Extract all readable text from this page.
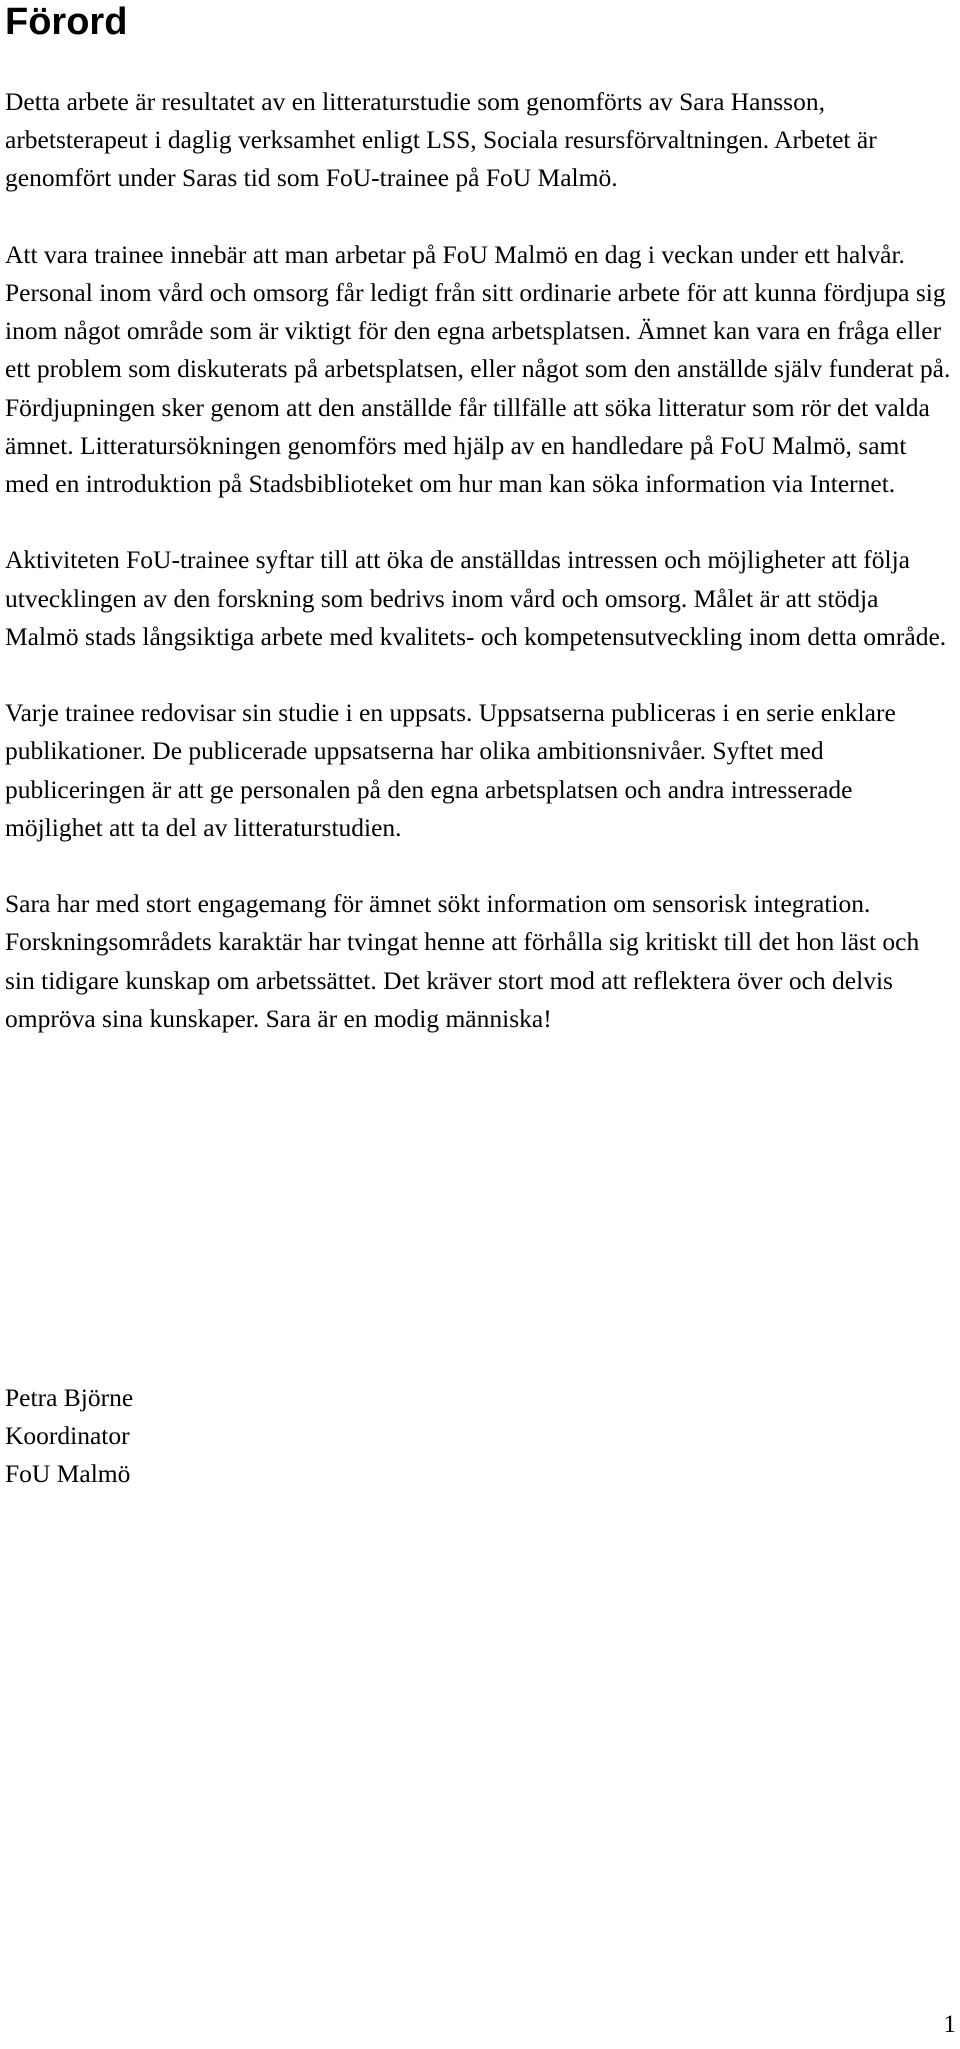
Förord

Detta arbete är resultatet av en litteraturstudie som genomförts av Sara Hansson, arbetsterapeut i daglig verksamhet enligt LSS, Sociala resursförvaltningen. Arbetet är genomfört under Saras tid som FoU-trainee på FoU Malmö.

Att vara trainee innebär att man arbetar på FoU Malmö en dag i veckan under ett halvår. Personal inom vård och omsorg får ledigt från sitt ordinarie arbete för att kunna fördjupa sig inom något område som är viktigt för den egna arbetsplatsen. Ämnet kan vara en fråga eller ett problem som diskuterats på arbetsplatsen, eller något som den anställde själv funderat på. Fördjupningen sker genom att den anställde får tillfälle att söka litteratur som rör det valda ämnet. Litteratursökningen genomförs med hjälp av en handledare på FoU Malmö, samt med en introduktion på Stadsbiblioteket om hur man kan söka information via Internet.

Aktiviteten FoU-trainee syftar till att öka de anställdas intressen och möjligheter att följa utvecklingen av den forskning som bedrivs inom vård och omsorg. Målet är att stödja Malmö stads långsiktiga arbete med kvalitets- och kompetensutveckling inom detta område.

Varje trainee redovisar sin studie i en uppsats. Uppsatserna publiceras i en serie enklare publikationer. De publicerade uppsatserna har olika ambitionsnivåer. Syftet med publiceringen är att ge personalen på den egna arbetsplatsen och andra intresserade möjlighet att ta del av litteraturstudien.

Sara har med stort engagemang för ämnet sökt information om sensorisk integration. Forskningsområdets karaktär har tvingat henne att förhålla sig kritiskt till det hon läst och sin tidigare kunskap om arbetssättet. Det kräver stort mod att reflektera över och delvis ompröva sina kunskaper. Sara är en modig människa!

Petra Björne
Koordinator
FoU Malmö
1
